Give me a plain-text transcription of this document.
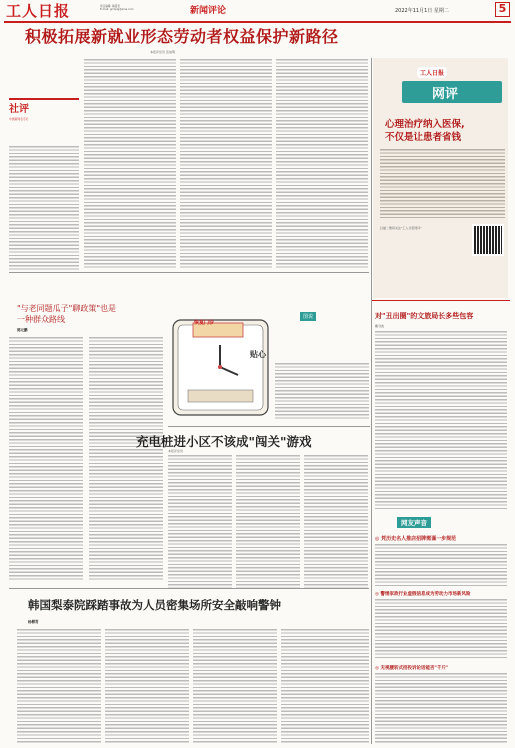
工人日报	责任编辑: 韩韶君
E-mail: grrbplg@sina.com	新闻评论	2022年11月1日 星期二	5
积极拓展新就业形态劳动者权益保护新路径
本报评论员 张灿明
社评
中国新闻名专栏
工人日报
网评
心理治疗纳入医保,
不仅是让患者省钱
扫描二维码关注"工人日报网评"
"与老同题瓜子"聊政策"也是一种群众路线
郭元鹏
图说
恢复门诊
贴心
充电桩进小区不该成"闯关"游戏
本报评论员
韩国梨泰院踩踏事故为人员密集场所安全敲响警钟
杨柳青
对"丑出圈"的文旅局长多些包容
戴寻波
网友声音
◎ 凭历史名人推店招牌需谨一步规范
◎ 警惕家政行业虚假信息成为劳动力市场新风险
◎ 无视腰斩式招投诉论话能否"千斤"
